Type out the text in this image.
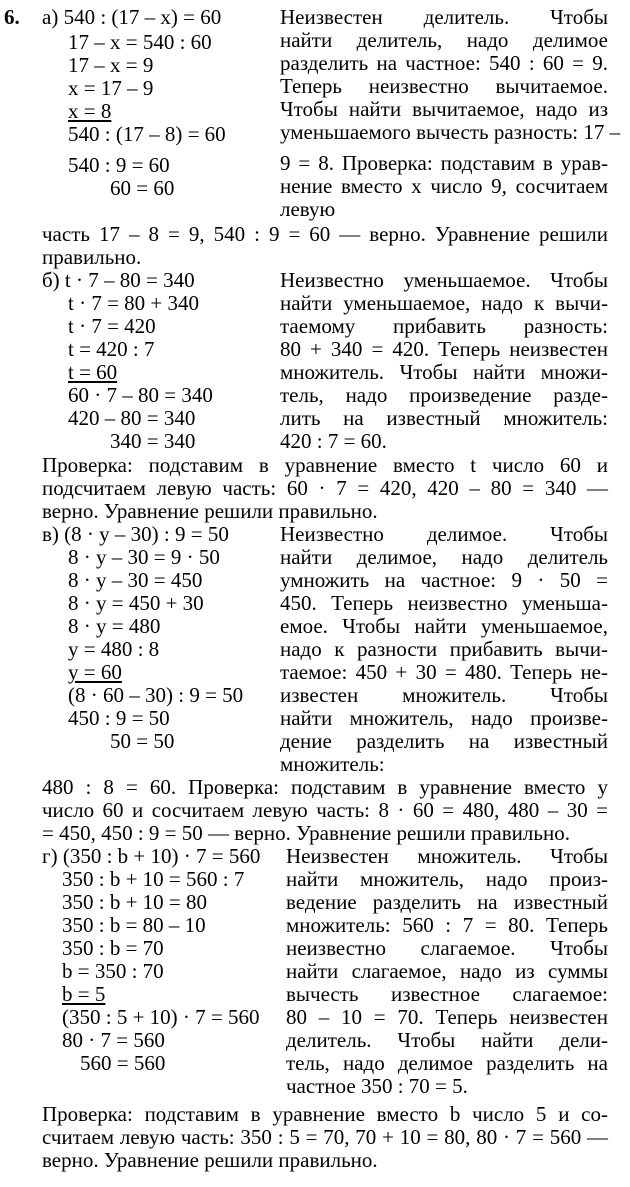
6. а) 540 : (17 – x) = 60
17 – x = 540 : 60
17 – x = 9
x = 17 – 9
x = 8
540 : (17 – 8) = 60
540 : 9 = 60
60 = 60
Неизвестен делитель. Чтобы
найти делитель, надо делимое
разделить на частное: 540 : 60 = 9.
Теперь неизвестно вычитаемое.
Чтобы найти вычитаемое, надо из
уменьшаемого вычесть разность: 17 –
9 = 8. Проверка: подставим в урав-
нение вместо x число 9, сосчитаем
левую
часть 17 – 8 = 9, 540 : 9 = 60 — верно. Уравнение решили
правильно.
б) t · 7 – 80 = 340
t · 7 = 80 + 340
t · 7 = 420
t = 420 : 7
t = 60
60 · 7 – 80 = 340
420 – 80 = 340
340 = 340
Неизвестно уменьшаемое. Чтобы
найти уменьшаемое, надо к вычи-
таемому прибавить разность:
80 + 340 = 420. Теперь неизвестен
множитель. Чтобы найти множи-
тель, надо произведение разде-
лить на известный множитель:
420 : 7 = 60.
Проверка: подставим в уравнение вместо t число 60 и
подсчитаем левую часть: 60 · 7 = 420, 420 – 80 = 340 —
верно. Уравнение решили правильно.
в) (8 · y – 30) : 9 = 50
8 · y – 30 = 9 · 50
8 · y – 30 = 450
8 · y = 450 + 30
8 · y = 480
y = 480 : 8
y = 60
(8 · 60 – 30) : 9 = 50
450 : 9 = 50
50 = 50
Неизвестно делимое. Чтобы
найти делимое, надо делитель
умножить на частное: 9 · 50 =
450. Теперь неизвестно уменьша-
емое. Чтобы найти уменьшаемое,
надо к разности прибавить вычи-
таемое: 450 + 30 = 480. Теперь не-
известен множитель. Чтобы
найти множитель, надо произве-
дение разделить на известный
множитель:
480 : 8 = 60. Проверка: подставим в уравнение вместо y
число 60 и сосчитаем левую часть: 8 · 60 = 480, 480 – 30 =
= 450, 450 : 9 = 50 — верно. Уравнение решили правильно.
г) (350 : b + 10) · 7 = 560
350 : b + 10 = 560 : 7
350 : b + 10 = 80
350 : b = 80 – 10
350 : b = 70
b = 350 : 70
b = 5
(350 : 5 + 10) · 7 = 560
80 · 7 = 560
560 = 560
Неизвестен множитель. Чтобы
найти множитель, надо произ-
ведение разделить на известный
множитель: 560 : 7 = 80. Теперь
неизвестно слагаемое. Чтобы
найти слагаемое, надо из суммы
вычесть известное слагаемое:
80 – 10 = 70. Теперь неизвестен
делитель. Чтобы найти дели-
тель, надо делимое разделить на
частное 350 : 70 = 5.
Проверка: подставим в уравнение вместо b число 5 и со-
считаем левую часть: 350 : 5 = 70, 70 + 10 = 80, 80 · 7 = 560 —
верно. Уравнение решили правильно.
